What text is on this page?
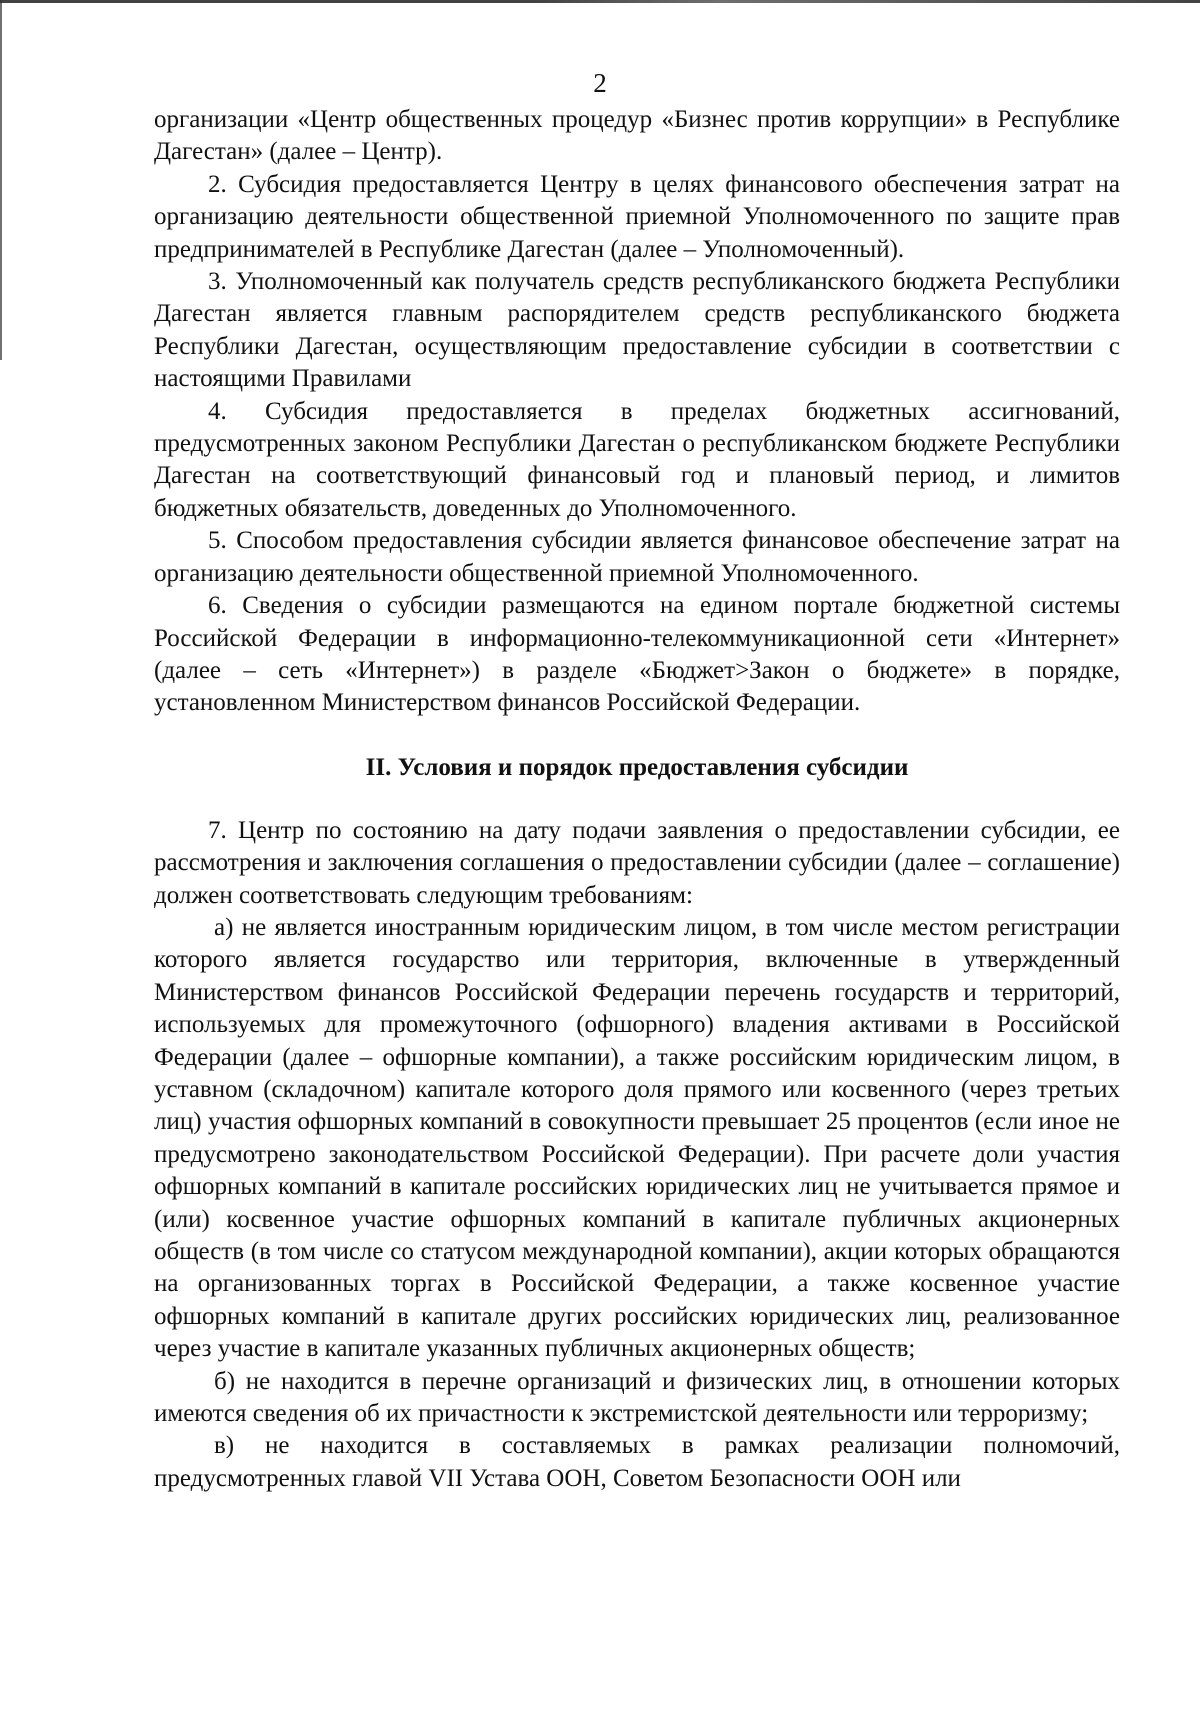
2

организации «Центр общественных процедур «Бизнес против коррупции» в Республике Дагестан» (далее – Центр).

2. Субсидия предоставляется Центру в целях финансового обеспечения затрат на организацию деятельности общественной приемной Уполномоченного по защите прав предпринимателей в Республике Дагестан (далее – Уполномоченный).

3. Уполномоченный как получатель средств республиканского бюджета Республики Дагестан является главным распорядителем средств республиканского бюджета Республики Дагестан, осуществляющим предоставление субсидии в соответствии с настоящими Правилами

4. Субсидия предоставляется в пределах бюджетных ассигнований, предусмотренных законом Республики Дагестан о республиканском бюджете Республики Дагестан на соответствующий финансовый год и плановый период, и лимитов бюджетных обязательств, доведенных до Уполномоченного.

5. Способом предоставления субсидии является финансовое обеспечение затрат на организацию деятельности общественной приемной Уполномоченного.

6. Сведения о субсидии размещаются на едином портале бюджетной системы Российской Федерации в информационно-телекоммуникационной сети «Интернет» (далее – сеть «Интернет») в разделе «Бюджет>Закон о бюджете» в порядке, установленном Министерством финансов Российской Федерации.

II. Условия и порядок предоставления субсидии

7. Центр по состоянию на дату подачи заявления о предоставлении субсидии, ее рассмотрения и заключения соглашения о предоставлении субсидии (далее – соглашение) должен соответствовать следующим требованиям:

а) не является иностранным юридическим лицом, в том числе местом регистрации которого является государство или территория, включенные в утвержденный Министерством финансов Российской Федерации перечень государств и территорий, используемых для промежуточного (офшорного) владения активами в Российской Федерации (далее – офшорные компании), а также российским юридическим лицом, в уставном (складочном) капитале которого доля прямого или косвенного (через третьих лиц) участия офшорных компаний в совокупности превышает 25 процентов (если иное не предусмотрено законодательством Российской Федерации). При расчете доли участия офшорных компаний в капитале российских юридических лиц не учитывается прямое и (или) косвенное участие офшорных компаний в капитале публичных акционерных обществ (в том числе со статусом международной компании), акции которых обращаются на организованных торгах в Российской Федерации, а также косвенное участие офшорных компаний в капитале других российских юридических лиц, реализованное через участие в капитале указанных публичных акционерных обществ;

б) не находится в перечне организаций и физических лиц, в отношении которых имеются сведения об их причастности к экстремистской деятельности или терроризму;

в) не находится в составляемых в рамках реализации полномочий, предусмотренных главой VII Устава ООН, Советом Безопасности ООН или
